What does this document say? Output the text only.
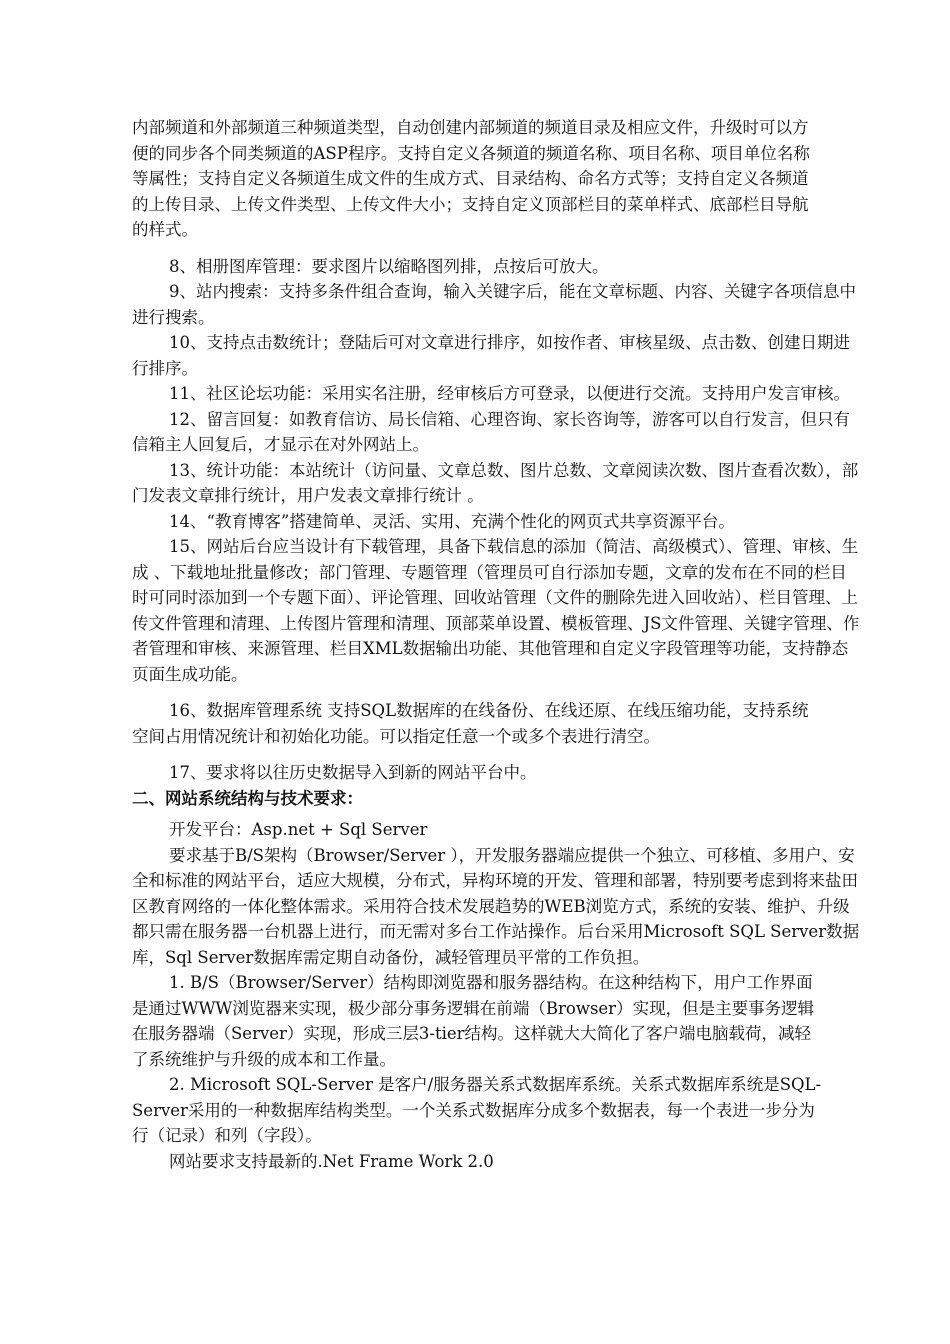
内部频道和外部频道三种频道类型，自动创建内部频道的频道目录及相应文件，升级时可以方便的同步各个同类频道的ASP程序。支持自定义各频道的频道名称、项目名称、项目单位名称等属性；支持自定义各频道生成文件的生成方式、目录结构、命名方式等；支持自定义各频道的上传目录、上传文件类型、上传文件大小；支持自定义顶部栏目的菜单样式、底部栏目导航的样式。

8、相册图库管理：要求图片以缩略图列排，点按后可放大。

9、站内搜索：支持多条件组合查询，输入关键字后，能在文章标题、内容、关键字各项信息中进行搜索。

10、支持点击数统计；登陆后可对文章进行排序，如按作者、审核星级、点击数、创建日期进行排序。

11、社区论坛功能：采用实名注册，经审核后方可登录，以便进行交流。支持用户发言审核。

12、留言回复：如教育信访、局长信箱、心理咨询、家长咨询等，游客可以自行发言，但只有信箱主人回复后，才显示在对外网站上。

13、统计功能：本站统计（访问量、文章总数、图片总数、文章阅读次数、图片查看次数），部门发表文章排行统计，用户发表文章排行统计 。

14、“教育博客”搭建简单、灵活、实用、充满个性化的网页式共享资源平台。

15、网站后台应当设计有下载管理，具备下载信息的添加（简洁、高级模式）、管理、审核、生成 、下载地址批量修改；部门管理、专题管理（管理员可自行添加专题，文章的发布在不同的栏目时可同时添加到一个专题下面）、评论管理、回收站管理（文件的删除先进入回收站）、栏目管理、上传文件管理和清理、上传图片管理和清理、顶部菜单设置、模板管理、JS文件管理、关键字管理、作者管理和审核、来源管理、栏目XML数据输出功能、其他管理和自定义字段管理等功能，支持静态页面生成功能。

16、数据库管理系统 支持SQL数据库的在线备份、在线还原、在线压缩功能，支持系统空间占用情况统计和初始化功能。可以指定任意一个或多个表进行清空。

17、要求将以往历史数据导入到新的网站平台中。

二、网站系统结构与技术要求：

开发平台：Asp.net + Sql Server

要求基于B/S架构（Browser/Server ），开发服务器端应提供一个独立、可移植、多用户、安全和标准的网站平台，适应大规模，分布式，异构环境的开发、管理和部署，特别要考虑到将来盐田区教育网络的一体化整体需求。采用符合技术发展趋势的WEB浏览方式，系统的安装、维护、升级都只需在服务器一台机器上进行，而无需对多台工作站操作。后台采用Microsoft SQL Server数据库，Sql Server数据库需定期自动备份，减轻管理员平常的工作负担。

1. B/S（Browser/Server）结构即浏览器和服务器结构。在这种结构下，用户工作界面是通过WWW浏览器来实现，极少部分事务逻辑在前端（Browser）实现，但是主要事务逻辑在服务器端（Server）实现，形成三层3-tier结构。这样就大大简化了客户端电脑载荷，减轻了系统维护与升级的成本和工作量。

2. Microsoft SQL-Server 是客户/服务器关系式数据库系统。关系式数据库系统是SQL-Server采用的一种数据库结构类型。一个关系式数据库分成多个数据表，每一个表进一步分为行（记录）和列（字段）。

网站要求支持最新的.Net Frame Work 2.0
